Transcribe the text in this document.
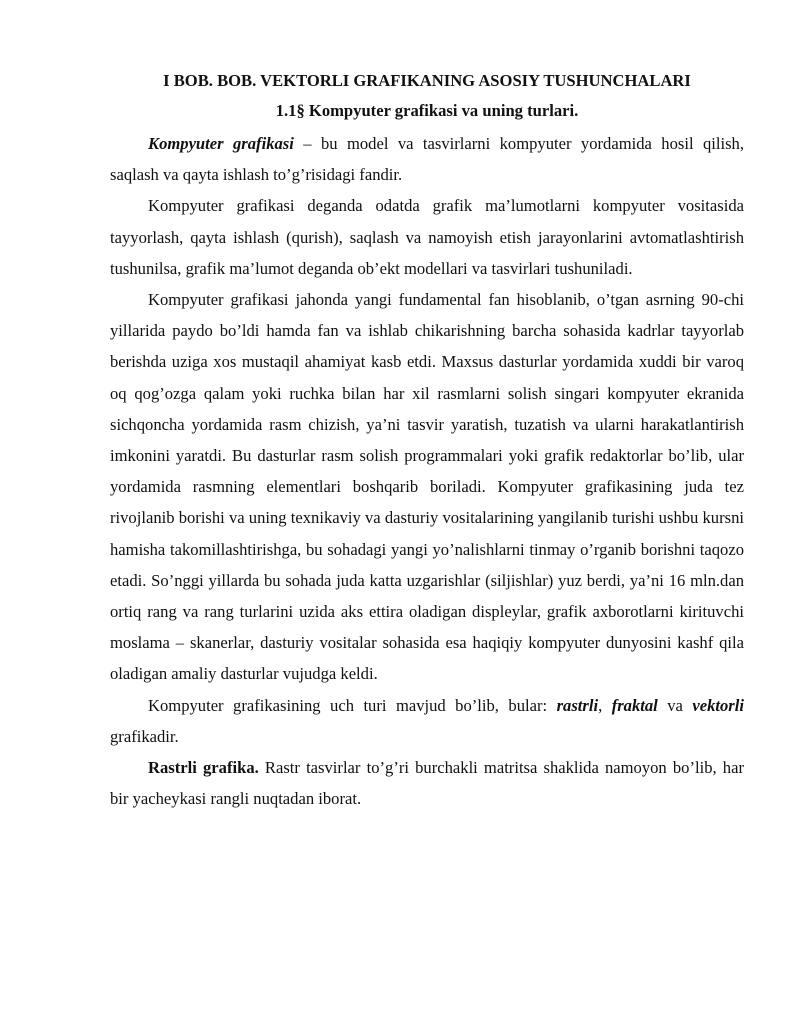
I BOB. BOB. VEKTORLI GRAFIKANING ASOSIY TUSHUNCHALARI
1.1§ Kompyuter grafikasi va uning turlari.

Kompyuter grafikasi – bu model va tasvirlarni kompyuter yordamida hosil qilish, saqlash va qayta ishlash to’g’risidagi fandir.

Kompyuter grafikasi deganda odatda grafik ma’lumotlarni kompyuter vositasida tayyorlash, qayta ishlash (qurish), saqlash va namoyish etish jarayonlarini avtomatlashtirish tushunilsa, grafik ma’lumot deganda ob’ekt modellari va tasvirlari tushuniladi.

Kompyuter grafikasi jahonda yangi fundamental fan hisoblanib, o’tgan asrning 90-chi yillarida paydo bo’ldi hamda fan va ishlab chikarishning barcha sohasida kadrlar tayyorlab berishda uziga xos mustaqil ahamiyat kasb etdi. Maxsus dasturlar yordamida xuddi bir varoq oq qog’ozga qalam yoki ruchka bilan har xil rasmlarni solish singari kompyuter ekranida sichqoncha yordamida rasm chizish, ya’ni tasvir yaratish, tuzatish va ularni harakatlantirish imkonini yaratdi. Bu dasturlar rasm solish programmalari yoki grafik redaktorlar bo’lib, ular yordamida rasmning elementlari boshqarib boriladi. Kompyuter grafikasining juda tez rivojlanib borishi va uning texnikaviy va dasturiy vositalarining yangilanib turishi ushbu kursni hamisha takomillashtirishga, bu sohadagi yangi yo’nalishlarni tinmay o’rganib borishni taqozo etadi. So’nggi yillarda bu sohada juda katta uzgarishlar (siljishlar) yuz berdi, ya’ni 16 mln.dan ortiq rang va rang turlarini uzida aks ettira oladigan displeylar, grafik axborotlarni kirituvchi moslama – skanerlar, dasturiy vositalar sohasida esa haqiqiy kompyuter dunyosini kashf qila oladigan amaliy dasturlar vujudga keldi.

Kompyuter grafikasining uch turi mavjud bo’lib, bular: rastrli, fraktal va vektorli grafikadir.

Rastrli grafika. Rastr tasvirlar to’g’ri burchakli matritsa shaklida namoyon bo’lib, har bir yacheykasi rangli nuqtadan iborat.
